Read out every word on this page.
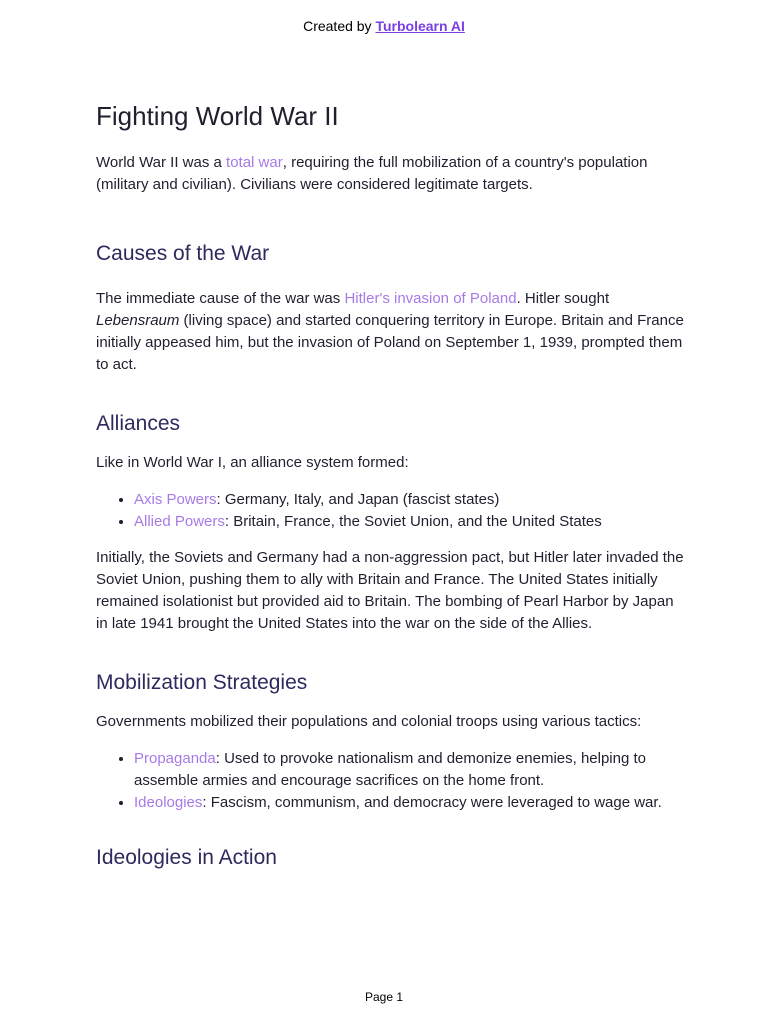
Created by Turbolearn AI
Fighting World War II

World War II was a total war, requiring the full mobilization of a country's population (military and civilian). Civilians were considered legitimate targets.

Causes of the War

The immediate cause of the war was Hitler's invasion of Poland. Hitler sought Lebensraum (living space) and started conquering territory in Europe. Britain and France initially appeased him, but the invasion of Poland on September 1, 1939, prompted them to act.

Alliances

Like in World War I, an alliance system formed:

• Axis Powers: Germany, Italy, and Japan (fascist states)
• Allied Powers: Britain, France, the Soviet Union, and the United States

Initially, the Soviets and Germany had a non-aggression pact, but Hitler later invaded the Soviet Union, pushing them to ally with Britain and France. The United States initially remained isolationist but provided aid to Britain. The bombing of Pearl Harbor by Japan in late 1941 brought the United States into the war on the side of the Allies.

Mobilization Strategies

Governments mobilized their populations and colonial troops using various tactics:

• Propaganda: Used to provoke nationalism and demonize enemies, helping to assemble armies and encourage sacrifices on the home front.
• Ideologies: Fascism, communism, and democracy were leveraged to wage war.
Ideologies in Action
Page 1
